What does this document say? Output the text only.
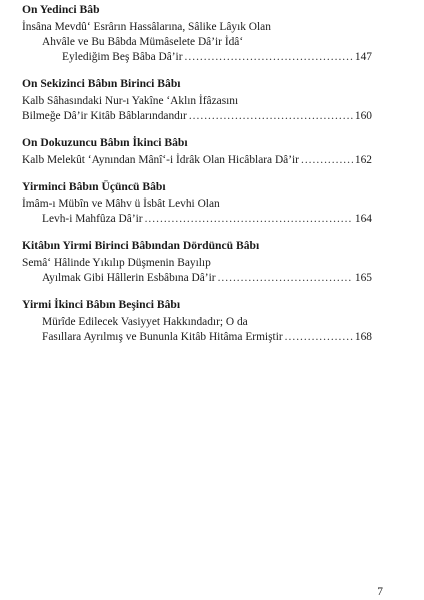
On Yedinci Bâb
İnsâna Mevdû‘ Esrârın Hassâlarına, Sâlike Lâyık Olan
Ahvâle ve Bu Bâbda Mümâselete Dâ’ir İdâ‘
Eylediğim Beş Bâba Dâ’ir .....	147
On Sekizinci Bâbın Birinci Bâbı
Kalb Sâhasındaki Nur-ı Yakîne ‘Aklın İfâzasını
Bilmeğe Dâ’ir Kitâb Bâblarındandır .....	160
On Dokuzuncu Bâbın İkinci Bâbı
Kalb Melekût ‘Aynından Mânî‘-i İdrâk Olan Hicâblara Dâ’ir .....	162
Yirminci Bâbın Üçüncü Bâbı
İmâm-ı Mübîn ve Mâhv ü İsbât Levhi Olan
Levh-i Mahfûza Dâ’ir .....	164
Kitâbın Yirmi Birinci Bâbından Dördüncü Bâbı
Semâ‘ Hâlinde Yıkılıp Düşmenin Bayılıp
Ayılmak Gibi Hâllerin Esbâbına Dâ’ir .....	165
Yirmi İkinci Bâbın Beşinci Bâbı
Mürîde Edilecek Vasiyyet Hakkındadır; O da
Fasıllara Ayrılmış ve Bununla Kitâb Hitâma Ermiştir .....	168
7
